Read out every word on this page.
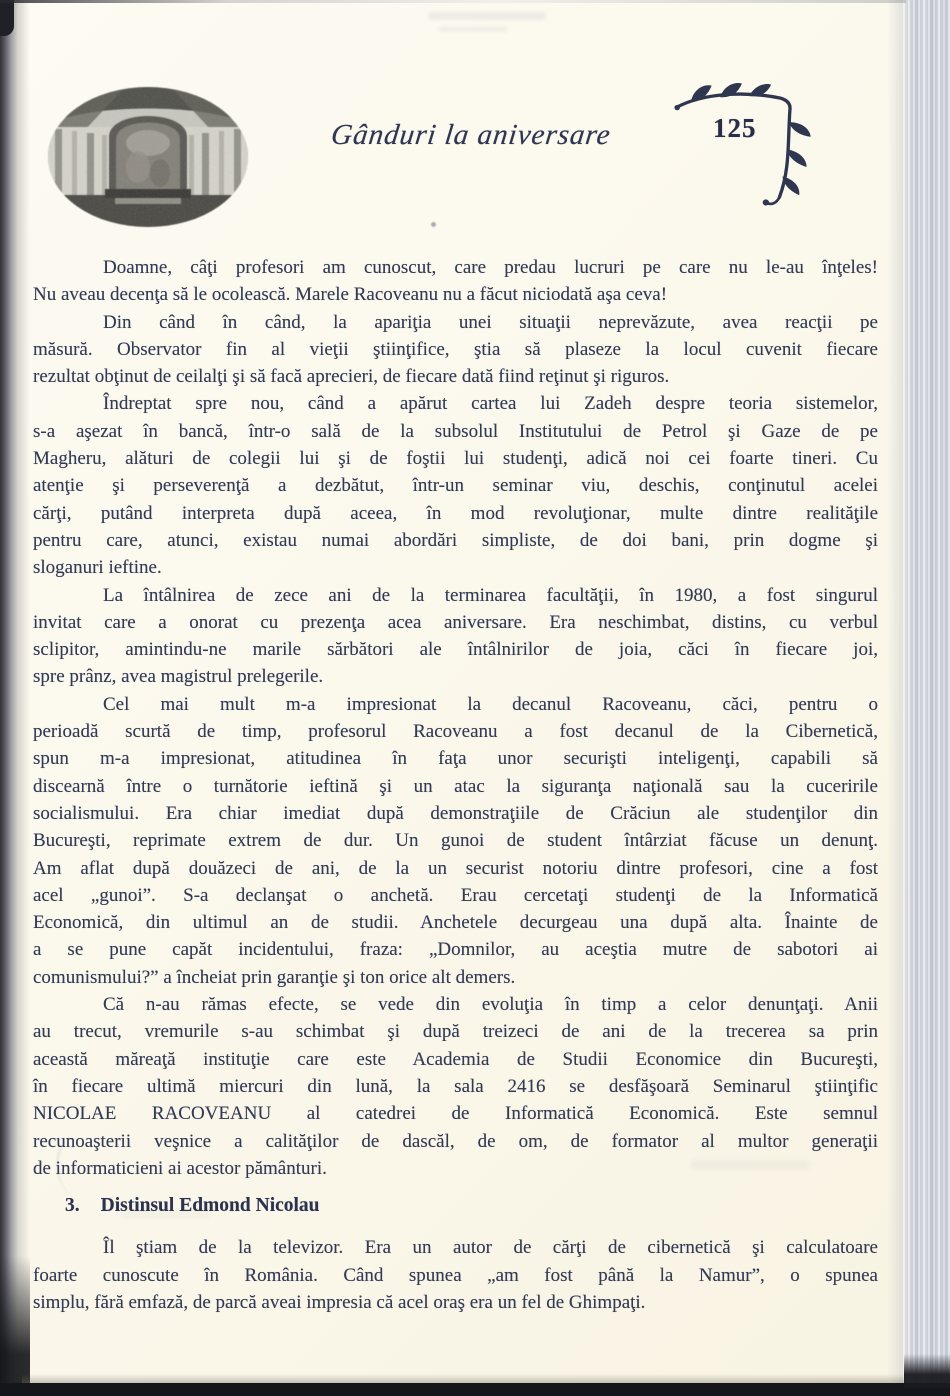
Gânduri la aniversare	125
Doamne, câţi profesori am cunoscut, care predau lucruri pe care nu le-au înţeles!
Nu aveau decenţa să le ocolească. Marele Racoveanu nu a făcut niciodată aşa ceva!
Din când în când, la apariţia unei situaţii neprevăzute, avea reacţii pe
măsură. Observator fin al vieţii ştiinţifice, ştia să plaseze la locul cuvenit fiecare
rezultat obţinut de ceilalţi şi să facă aprecieri, de fiecare dată fiind reţinut şi riguros.
Îndreptat spre nou, când a apărut cartea lui Zadeh despre teoria sistemelor,
s-a aşezat în bancă, într-o sală de la subsolul Institutului de Petrol şi Gaze de pe
Magheru, alături de colegii lui şi de foştii lui studenţi, adică noi cei foarte tineri. Cu
atenţie şi perseverenţă a dezbătut, într-un seminar viu, deschis, conţinutul acelei
cărţi, putând interpreta după aceea, în mod revoluţionar, multe dintre realităţile
pentru care, atunci, existau numai abordări simpliste, de doi bani, prin dogme şi
sloganuri ieftine.
La întâlnirea de zece ani de la terminarea facultăţii, în 1980, a fost singurul
invitat care a onorat cu prezenţa acea aniversare. Era neschimbat, distins, cu verbul
sclipitor, amintindu-ne marile sărbători ale întâlnirilor de joia, căci în fiecare joi,
spre prânz, avea magistrul prelegerile.
Cel mai mult m-a impresionat la decanul Racoveanu, căci, pentru o
perioadă scurtă de timp, profesorul Racoveanu a fost decanul de la Cibernetică,
spun m-a impresionat, atitudinea în faţa unor securişti inteligenţi, capabili să
discearnă între o turnătorie ieftină şi un atac la siguranţa naţională sau la cuceririle
socialismului. Era chiar imediat după demonstraţiile de Crăciun ale studenţilor din
Bucureşti, reprimate extrem de dur. Un gunoi de student întârziat făcuse un denunţ.
Am aflat după douăzeci de ani, de la un securist notoriu dintre profesori, cine a fost
acel „gunoi”. S-a declanşat o anchetă. Erau cercetaţi studenţi de la Informatică
Economică, din ultimul an de studii. Anchetele decurgeau una după alta. Înainte de
a se pune capăt incidentului, fraza: „Domnilor, au aceştia mutre de sabotori ai
comunismului?” a încheiat prin garanţie şi ton orice alt demers.
Că n-au rămas efecte, se vede din evoluţia în timp a celor denunţaţi. Anii
au trecut, vremurile s-au schimbat şi după treizeci de ani de la trecerea sa prin
această măreaţă instituţie care este Academia de Studii Economice din Bucureşti,
în fiecare ultimă miercuri din lună, la sala 2416 se desfăşoară Seminarul ştiinţific
NICOLAE RACOVEANU al catedrei de Informatică Economică. Este semnul
recunoaşterii veşnice a calităţilor de dascăl, de om, de formator al multor generaţii
de informaticieni ai acestor pământuri.
3. Distinsul Edmond Nicolau
Îl ştiam de la televizor. Era un autor de cărţi de cibernetică şi calculatoare
foarte cunoscute în România. Când spunea „am fost până la Namur”, o spunea
simplu, fără emfază, de parcă aveai impresia că acel oraş era un fel de Ghimpaţi.
